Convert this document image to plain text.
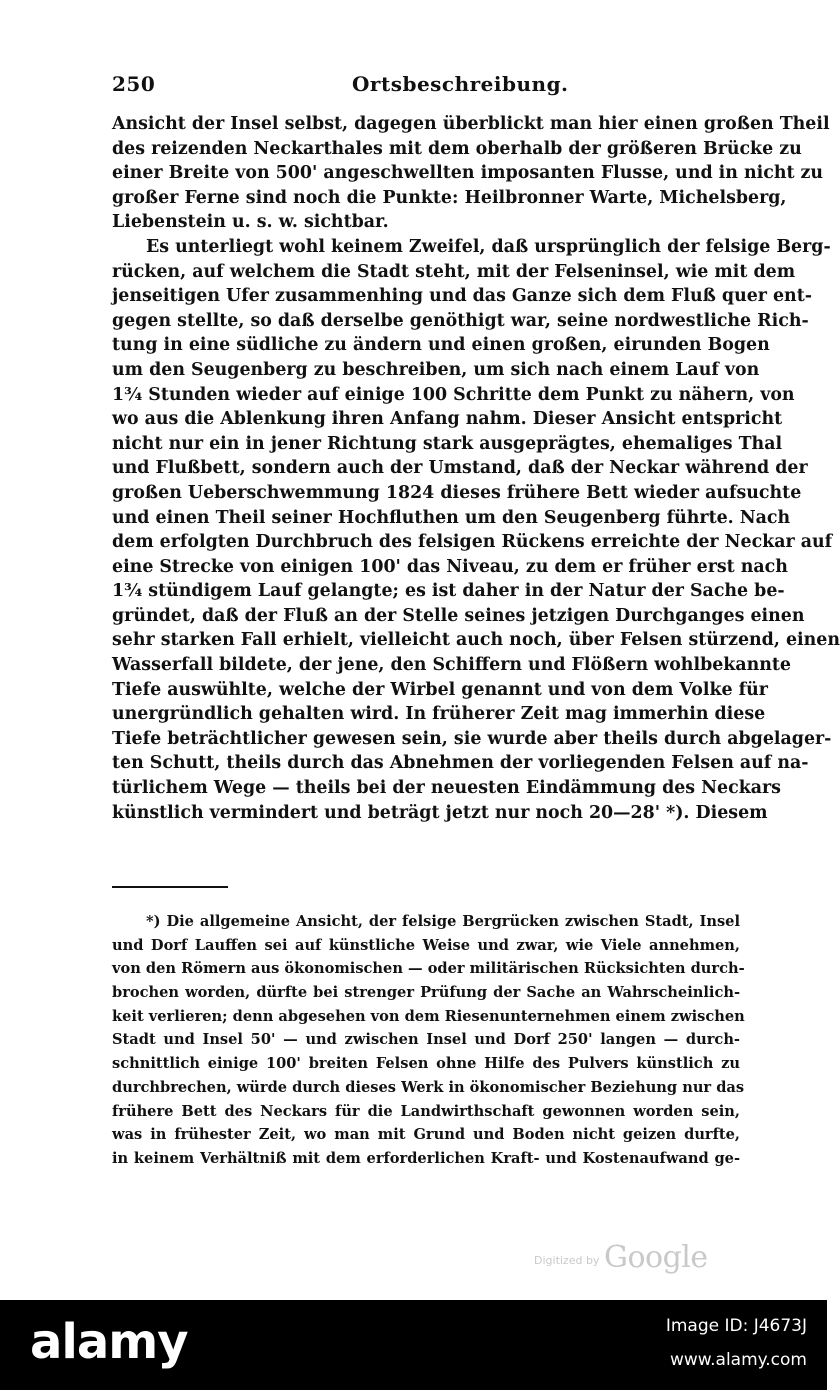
250	Ortsbeschreibung.
Ansicht der Insel selbst, dagegen überblickt man hier einen großen Theil
des reizenden Neckarthales mit dem oberhalb der größeren Brücke zu
einer Breite von 500' angeschwellten imposanten Flusse, und in nicht zu
großer Ferne sind noch die Punkte: Heilbronner Warte, Michelsberg,
Liebenstein u. s. w. sichtbar.
Es unterliegt wohl keinem Zweifel, daß ursprünglich der felsige Berg-
rücken, auf welchem die Stadt steht, mit der Felseninsel, wie mit dem
jenseitigen Ufer zusammenhing und das Ganze sich dem Fluß quer ent-
gegen stellte, so daß derselbe genöthigt war, seine nordwestliche Rich-
tung in eine südliche zu ändern und einen großen, eirunden Bogen
um den Seugenberg zu beschreiben, um sich nach einem Lauf von
1¾ Stunden wieder auf einige 100 Schritte dem Punkt zu nähern, von
wo aus die Ablenkung ihren Anfang nahm. Dieser Ansicht entspricht
nicht nur ein in jener Richtung stark ausgeprägtes, ehemaliges Thal
und Flußbett, sondern auch der Umstand, daß der Neckar während der
großen Ueberschwemmung 1824 dieses frühere Bett wieder aufsuchte
und einen Theil seiner Hochfluthen um den Seugenberg führte. Nach
dem erfolgten Durchbruch des felsigen Rückens erreichte der Neckar auf
eine Strecke von einigen 100' das Niveau, zu dem er früher erst nach
1¾ stündigem Lauf gelangte; es ist daher in der Natur der Sache be-
gründet, daß der Fluß an der Stelle seines jetzigen Durchganges einen
sehr starken Fall erhielt, vielleicht auch noch, über Felsen stürzend, einen
Wasserfall bildete, der jene, den Schiffern und Flößern wohlbekannte
Tiefe auswühlte, welche der Wirbel genannt und von dem Volke für
unergründlich gehalten wird. In früherer Zeit mag immerhin diese
Tiefe beträchtlicher gewesen sein, sie wurde aber theils durch abgelager-
ten Schutt, theils durch das Abnehmen der vorliegenden Felsen auf na-
türlichem Wege — theils bei der neuesten Eindämmung des Neckars
künstlich vermindert und beträgt jetzt nur noch 20—28' *). Diesem
*) Die allgemeine Ansicht, der felsige Bergrücken zwischen Stadt, Insel
und Dorf Lauffen sei auf künstliche Weise und zwar, wie Viele annehmen,
von den Römern aus ökonomischen — oder militärischen Rücksichten durch-
brochen worden, dürfte bei strenger Prüfung der Sache an Wahrscheinlich-
keit verlieren; denn abgesehen von dem Riesenunternehmen einem zwischen
Stadt und Insel 50' — und zwischen Insel und Dorf 250' langen — durch-
schnittlich einige 100' breiten Felsen ohne Hilfe des Pulvers künstlich zu
durchbrechen, würde durch dieses Werk in ökonomischer Beziehung nur das
frühere Bett des Neckars für die Landwirthschaft gewonnen worden sein,
was in frühester Zeit, wo man mit Grund und Boden nicht geizen durfte,
in keinem Verhältniß mit dem erforderlichen Kraft- und Kostenaufwand ge-
Digitized by Google
alamy	Image ID: J4673J
www.alamy.com
